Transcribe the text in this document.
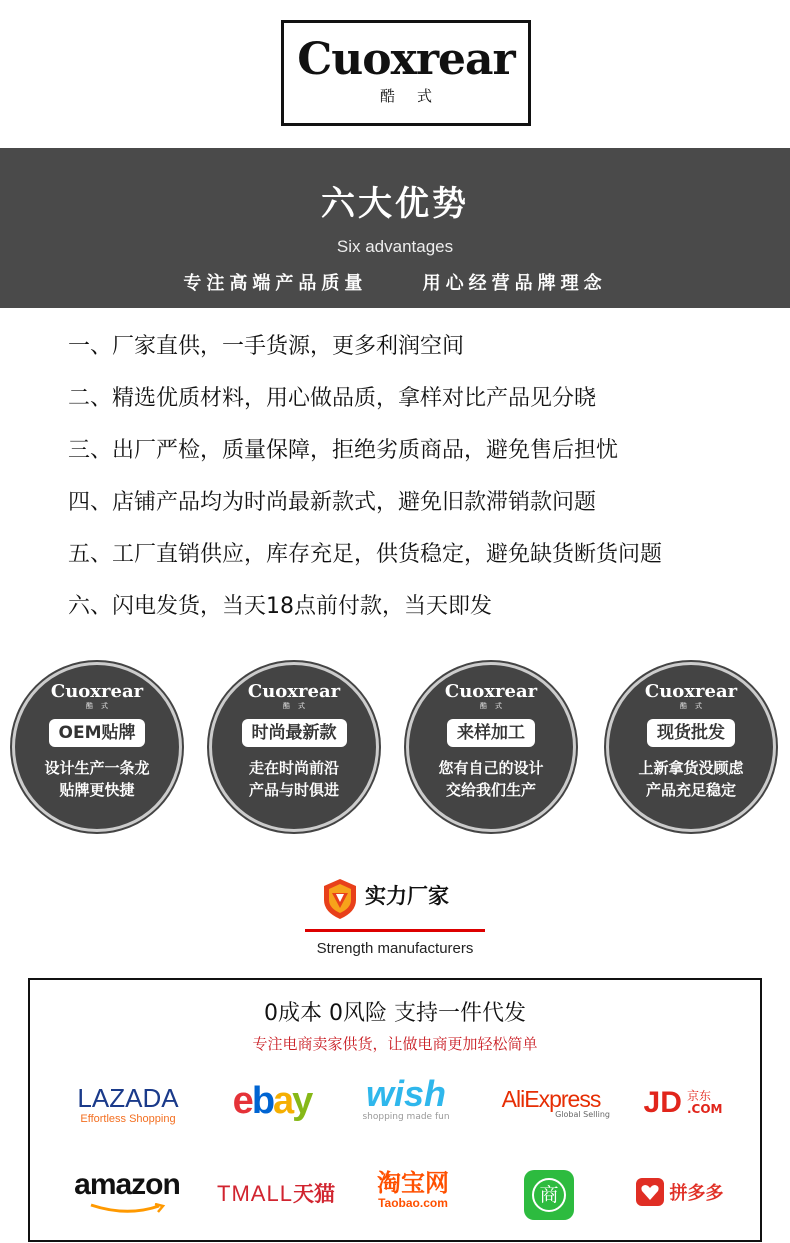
Cuoxrear
酷式
六大优势
Six advantages
专注高端产品质量	用心经营品牌理念
一、厂家直供，一手货源，更多利润空间
二、精选优质材料，用心做品质，拿样对比产品见分晓
三、出厂严检，质量保障，拒绝劣质商品，避免售后担忧
四、店铺产品均为时尚最新款式，避免旧款滞销款问题
五、工厂直销供应，库存充足，供货稳定，避免缺货断货问题
六、闪电发货，当天18点前付款，当天即发
Cuoxrear
酷式
OEM贴牌
设计生产一条龙
贴牌更快捷
Cuoxrear
酷式
时尚最新款
走在时尚前沿
产品与时俱进
Cuoxrear
酷式
来样加工
您有自己的设计
交给我们生产
Cuoxrear
酷式
现货批发
上新拿货没顾虑
产品充足稳定
实力厂家
Strength manufacturers
0成本 0风险 支持一件代发
专注电商卖家供货，让做电商更加轻松简单
LAZADA
Effortless Shopping	ebay wish
shopping made fun
AliExpress
Global Selling JD 京东
.COM
amazon	TMALL天猫	淘宝网
Taobao.com	商	拼多多
